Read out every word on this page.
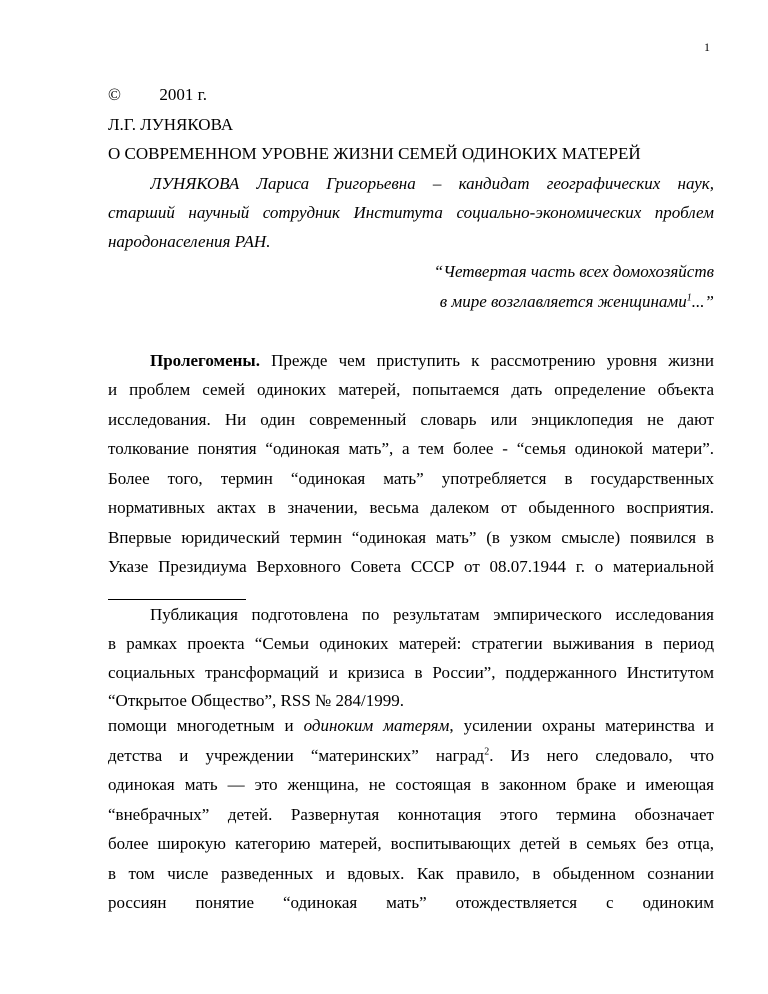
1
© 2001 г.
Л.Г. ЛУНЯКОВА
О СОВРЕМЕННОМ УРОВНЕ ЖИЗНИ СЕМЕЙ ОДИНОКИХ МАТЕРЕЙ
ЛУНЯКОВА Лариса Григорьевна – кандидат географических наук,
старший научный сотрудник Института социально-экономических проблем
народонаселения РАН.
“Четвертая часть всех домохозяйств
в мире возглавляется женщинами$^1$...”
Пролегомены. Прежде чем приступить к рассмотрению уровня жизни
и проблем семей одиноких матерей, попытаемся дать определение объекта
исследования. Ни один современный словарь или энциклопедия не дают
толкование понятия “одинокая мать”, а тем более - “семья одинокой матери”.
Более того, термин “одинокая мать” употребляется в государственных
нормативных актах в значении, весьма далеком от обыденного восприятия.
Впервые юридический термин “одинокая мать” (в узком смысле) появился в
Указе Президиума Верховного Совета СССР от 08.07.1944 г. о материальной
Публикация подготовлена по результатам эмпирического исследования
в рамках проекта “Семьи одиноких матерей: стратегии выживания в период
социальных трансформаций и кризиса в России”, поддержанного Институтом
“Открытое Общество”, RSS № 284/1999.
помощи многодетным и одиноким матерям, усилении охраны материнства и
детства и учреждении “материнских” наград$^2$. Из него следовало, что
одинокая мать — это женщина, не состоящая в законном браке и имеющая
“внебрачных” детей. Развернутая коннотация этого термина обозначает
более широкую категорию матерей, воспитывающих детей в семьях без отца,
в том числе разведенных и вдовых. Как правило, в обыденном сознании
россиян понятие “одинокая мать” отождествляется с одиноким
